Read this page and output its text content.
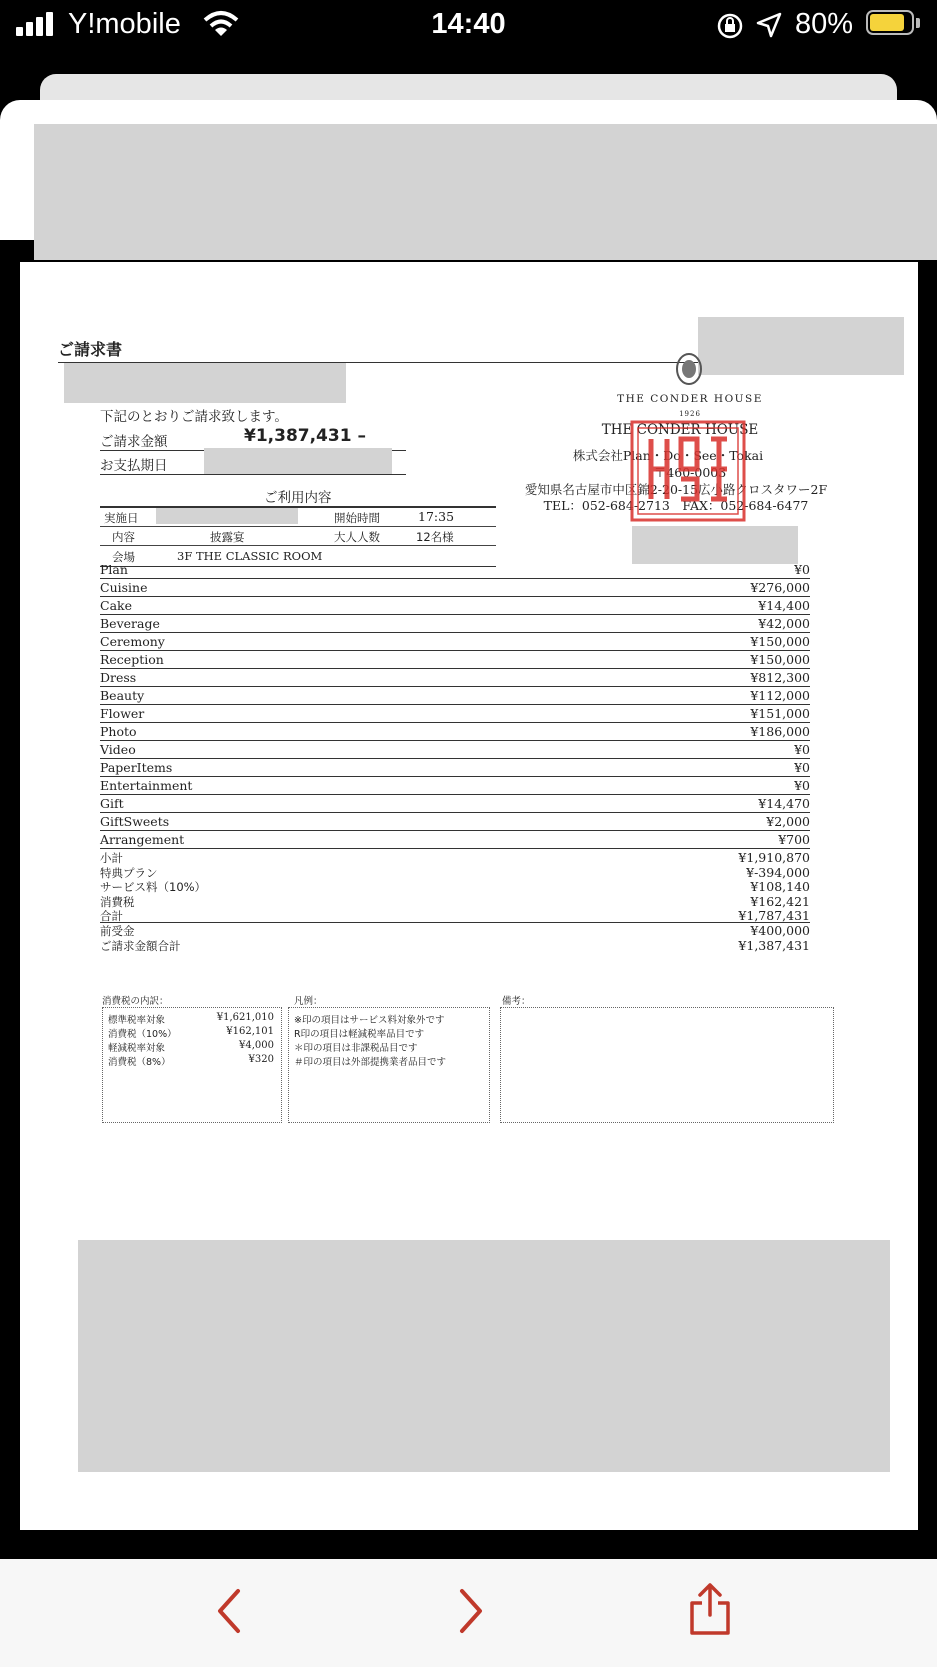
Y!mobile	14:40	80%
ご請求書
下記のとおりご請求致します。
ご請求金額	¥1,387,431 –
お支払期日
ご利用内容
実施日	開始時間	17:35
内容	披露宴	大人人数	12名様
会場	3F THE CLASSIC ROOM
THE CONDER HOUSE
1926
THE CONDER HOUSE
株式会社Plan・Do・See・Tokai
〒460-0003
愛知県名古屋市中区錦2-20-15広小路クロスタワー2F
TEL：052-684-2713　FAX：052-684-6477
Plan	¥0
Cuisine	¥276,000
Cake	¥14,400
Beverage	¥42,000
Ceremony	¥150,000
Reception	¥150,000
Dress	¥812,300
Beauty	¥112,000
Flower	¥151,000
Photo	¥186,000
Video	¥0
PaperItems	¥0
Entertainment	¥0
Gift	¥14,470
GiftSweets	¥2,000
Arrangement	¥700
小計	¥1,910,870
特典プラン	¥-394,000
サービス料（10%）	¥108,140
消費税	¥162,421
合計	¥1,787,431
前受金	¥400,000
ご請求金額合計	¥1,387,431
消費税の内訳：
標準税率対象	¥1,621,010
消費税（10%）	¥162,101
軽減税率対象	¥4,000
消費税（8%）	¥320
凡例：
※印の項目はサービス料対象外です
R印の項目は軽減税率品目です
＊印の項目は非課税品目です
＃印の項目は外部提携業者品目です
備考：
